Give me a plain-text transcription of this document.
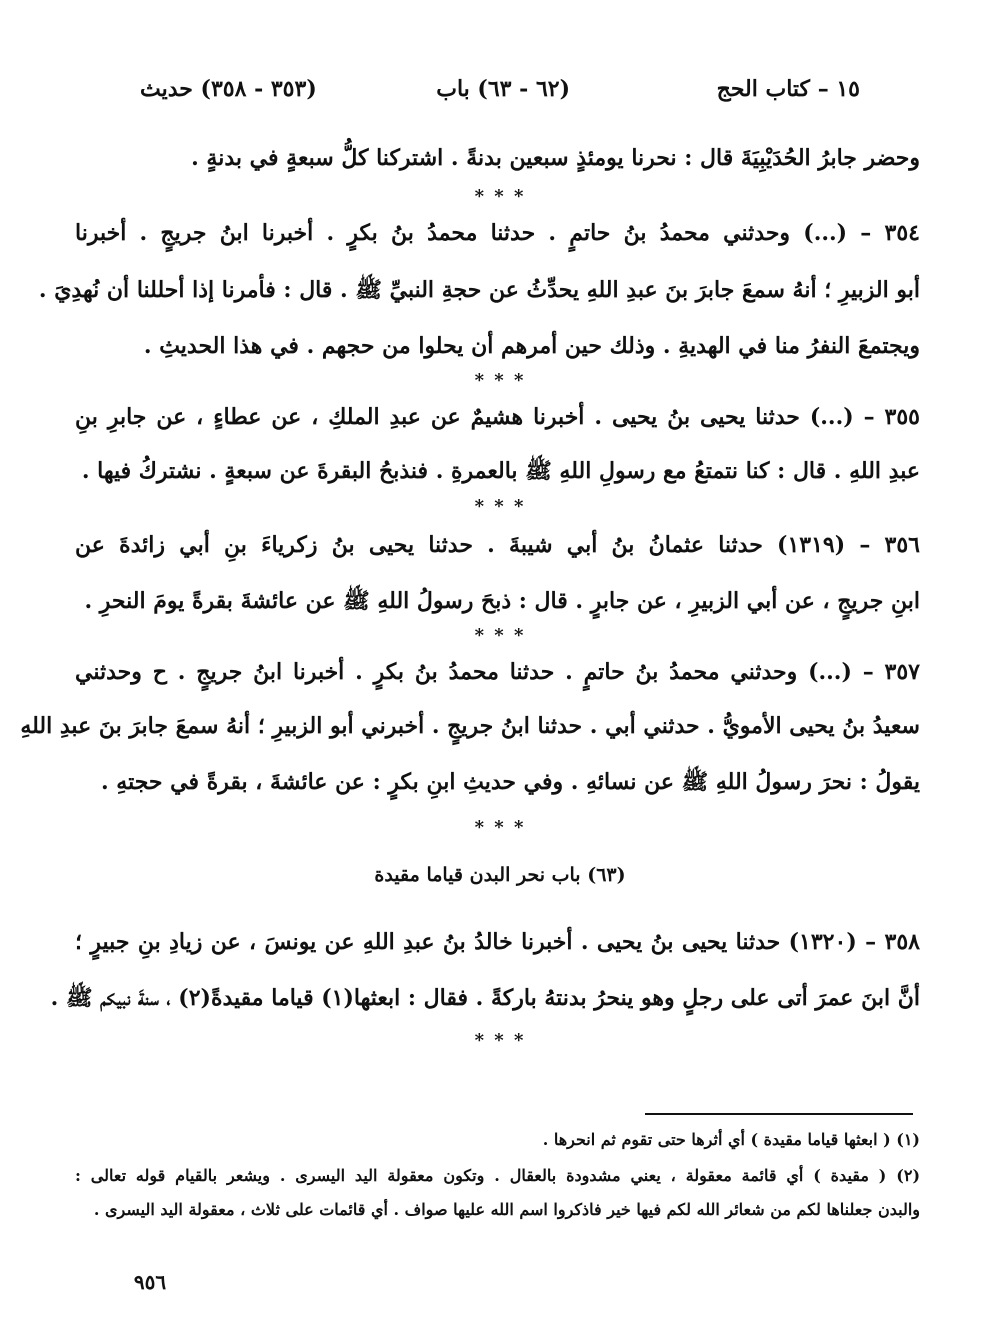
١٥ – كتاب الحج
(٦٢ - ٦٣) باب
(٣٥٣ - ٣٥٨) حديث
وحضر جابرُ الحُدَيْبِيَةَ قال : نحرنا يومئذٍ سبعين بدنةً . اشتركنا كلُّ سبعةٍ في بدنةٍ .
* * *
٣٥٤ – (...) وحدثني محمدُ بنُ حاتمٍ . حدثنا محمدُ بنُ بكرٍ . أخبرنا ابنُ جريجٍ . أخبرنا
أبو الزبيرِ ؛ أنهُ سمعَ جابرَ بنَ عبدِ اللهِ يحدِّثُ عن حجةِ النبيِّ ﷺ . قال : فأمرنا إذا أحللنا أن نُهدِيَ .
ويجتمعَ النفرُ منا في الهديةِ . وذلك حين أمرهم أن يحلوا من حجهم . في هذا الحديثِ .
* * *
٣٥٥ – (...) حدثنا يحيى بنُ يحيى . أخبرنا هشيمٌ عن عبدِ الملكِ ، عن عطاءٍ ، عن جابرِ بنِ
عبدِ اللهِ . قال : كنا نتمتعُ مع رسولِ اللهِ ﷺ بالعمرةِ . فنذبحُ البقرةَ عن سبعةٍ . نشتركُ فيها .
* * *
٣٥٦ – (١٣١٩) حدثنا عثمانُ بنُ أبي شيبةَ . حدثنا يحيى بنُ زكرياءَ بنِ أبي زائدةَ عن
ابنِ جريجٍ ، عن أبي الزبيرِ ، عن جابرٍ . قال : ذبحَ رسولُ اللهِ ﷺ عن عائشةَ بقرةً يومَ النحرِ .
* * *
٣٥٧ – (...) وحدثني محمدُ بنُ حاتمٍ . حدثنا محمدُ بنُ بكرٍ . أخبرنا ابنُ جريجٍ . ح وحدثني
سعيدُ بنُ يحيى الأمويُّ . حدثني أبي . حدثنا ابنُ جريجٍ . أخبرني أبو الزبيرِ ؛ أنهُ سمعَ جابرَ بنَ عبدِ اللهِ
يقولُ : نحرَ رسولُ اللهِ ﷺ عن نسائهِ . وفي حديثِ ابنِ بكرٍ : عن عائشةَ ، بقرةً في حجتهِ .
* * *
(٦٣) باب نحر البدن قياما مقيدة
٣٥٨ – (١٣٢٠) حدثنا يحيى بنُ يحيى . أخبرنا خالدُ بنُ عبدِ اللهِ عن يونسَ ، عن زيادِ بنِ جبيرٍ ؛
أنَّ ابنَ عمرَ أتى على رجلٍ وهو ينحرُ بدنتهُ باركةً . فقال : ابعثها(١) قياما مقيدةً(٢) ، سنةَ نبيكم ﷺ .
* * *
(١) ( ابعثها قياما مقيدة ) أي أثرها حتى تقوم ثم انحرها .
(٢) ( مقيدة ) أي قائمة معقولة ، يعني مشدودة بالعقال . وتكون معقولة اليد اليسرى . ويشعر بالقيام قوله تعالى :
والبدن جعلناها لكم من شعائر الله لكم فيها خير فاذكروا اسم الله عليها صواف . أي قائمات على ثلاث ، معقولة اليد اليسرى .
٩٥٦
